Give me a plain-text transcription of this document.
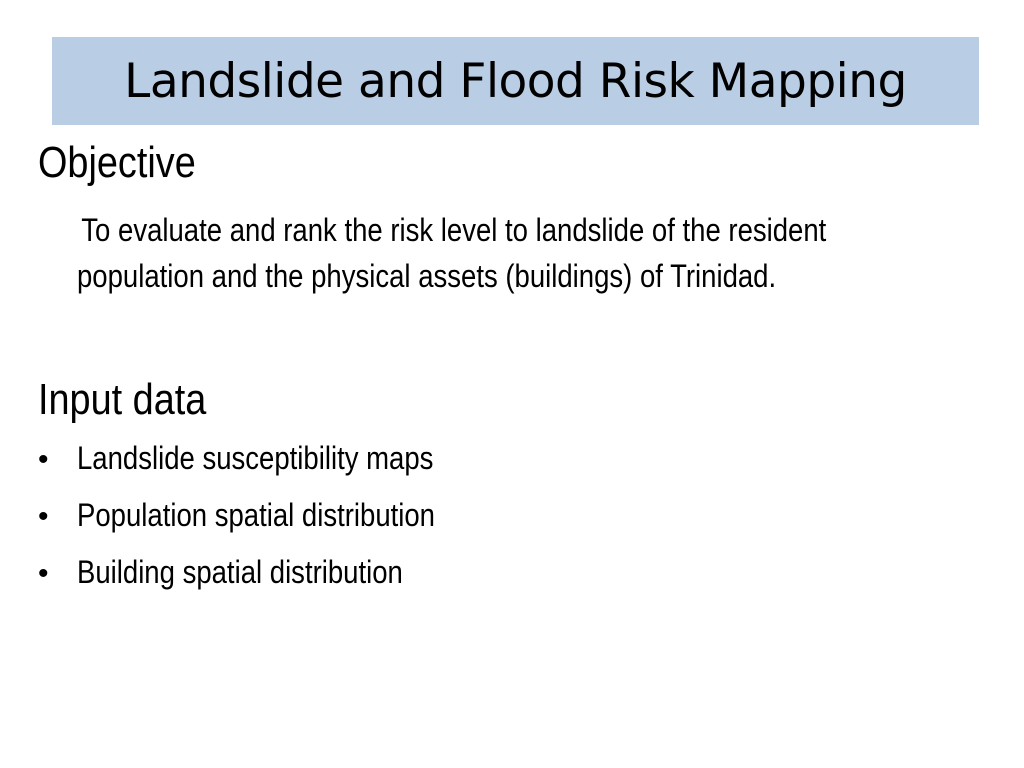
Landslide and Flood Risk Mapping
Objective
To evaluate and rank the risk level to landslide of the resident
population and the physical assets (buildings) of Trinidad.
Input data
• Landslide susceptibility maps
• Population spatial distribution
• Building spatial distribution
